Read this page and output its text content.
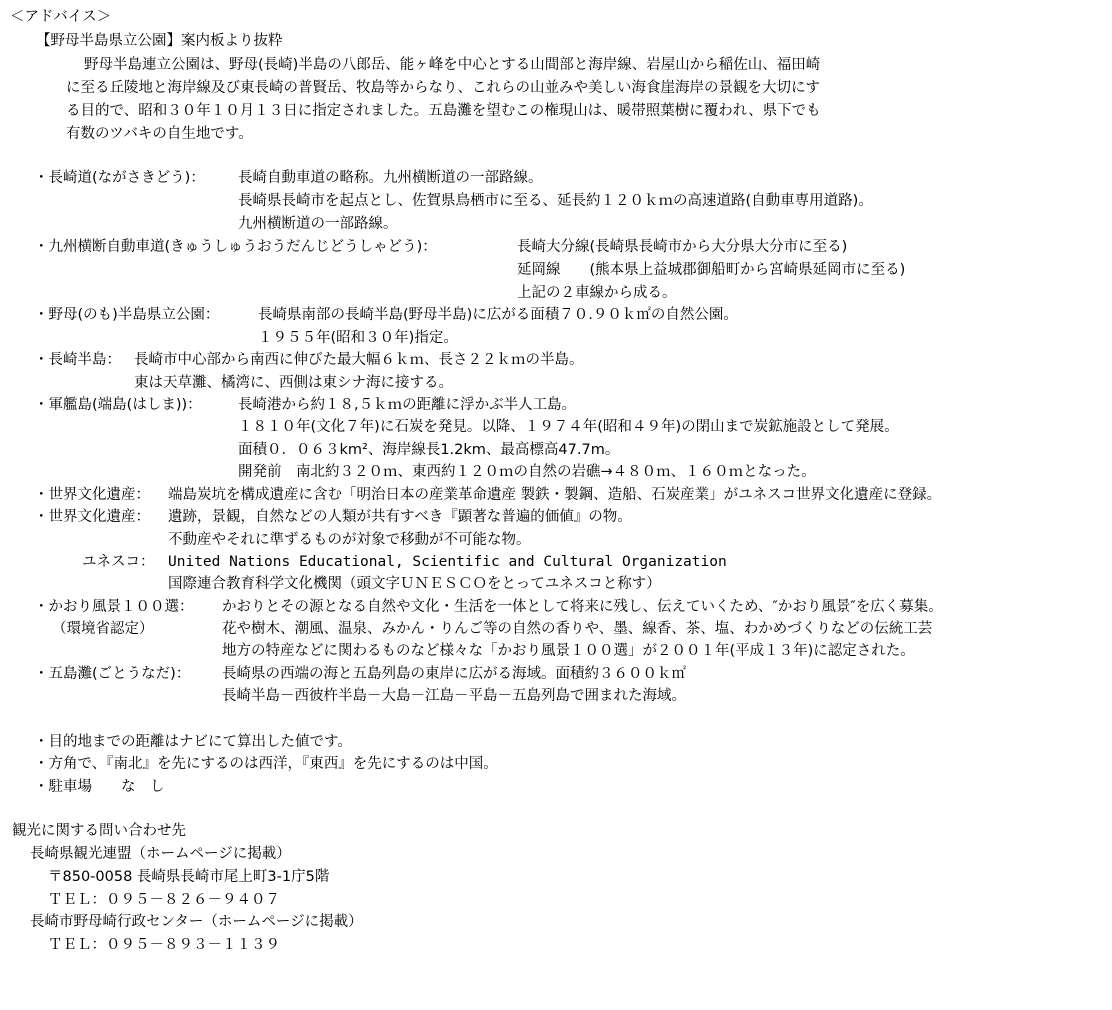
＜アドバイス＞
【野母半島県立公園】案内板より抜粋
野母半島連立公園は、野母(長崎)半島の八郎岳、能ヶ峰を中心とする山間部と海岸線、岩屋山から稲佐山、福田崎
に至る丘陵地と海岸線及び東長崎の普賢岳、牧島等からなり、これらの山並みや美しい海食崖海岸の景観を大切にす
る目的で、昭和３０年１０月１３日に指定されました。五島灘を望むこの権現山は、暖帯照葉樹に覆われ、県下でも
有数のツバキの自生地です。
・長崎道(ながさきどう)： 長崎自動車道の略称。九州横断道の一部路線。
長崎県長崎市を起点とし、佐賀県鳥栖市に至る、延長約１２０ｋｍの高速道路(自動車専用道路)。
九州横断道の一部路線。
・九州横断自動車道(きゅうしゅうおうだんじどうしゃどう)：	長崎大分線(長崎県長崎市から大分県大分市に至る)
延岡線　　(熊本県上益城郡御船町から宮崎県延岡市に至る)
上記の２車線から成る。
・野母(のも)半島県立公園：	長崎県南部の長崎半島(野母半島)に広がる面積７０.９０ｋ㎡の自然公園。
１９５５年(昭和３０年)指定。
・長崎半島： 長崎市中心部から南西に伸びた最大幅６ｋｍ、長さ２２ｋｍの半島。
東は天草灘、橘湾に、西側は東シナ海に接する。
・軍艦島(端島(はしま))：	長崎港から約１８,５ｋｍの距離に浮かぶ半人工島。
１８１０年(文化７年)に石炭を発見。以降、１９７４年(昭和４９年)の閉山まで炭鉱施設として発展。
面積０．０６３km²、海岸線長1.2km、最高標高47.7m。
開発前　南北約３２０ｍ、東西約１２０ｍの自然の岩礁→４８０ｍ、１６０ｍとなった。
・世界文化遺産： 端島炭坑を構成遺産に含む「明治日本の産業革命遺産 製鉄・製鋼、造船、石炭産業」がユネスコ世界文化遺産に登録。
・世界文化遺産： 遺跡，景観，自然などの人類が共有すべき『顕著な普遍的価値』の物。
不動産やそれに準ずるものが対象で移動が不可能な物。
ユネスコ： United Nations Educational, Scientific and Cultural Organization
国際連合教育科学文化機関（頭文字ＵＮＥＳＣＯをとってユネスコと称す）
・かおり風景１００選： かおりとその源となる自然や文化・生活を一体として将来に残し、伝えていくため、″かおり風景″を広く募集。
（環境省認定）	花や樹木、潮風、温泉、みかん・りんご等の自然の香りや、墨、線香、茶、塩、わかめづくりなどの伝統工芸
地方の特産などに関わるものなど様々な「かおり風景１００選」が２００１年(平成１３年)に認定された。
・五島灘(ごとうなだ)： 長崎県の西端の海と五島列島の東岸に広がる海域。面積約３６００ｋ㎡
長崎半島－西彼杵半島－大島－江島－平島－五島列島で囲まれた海域。
・目的地までの距離はナビにて算出した値です。
・方角で、『南北』を先にするのは西洋，『東西』を先にするのは中国。
・駐車場　　な　し
観光に関する問い合わせ先
長崎県観光連盟（ホームページに掲載）
〒850-0058 長崎県長崎市尾上町3-1庁5階
ＴＥＬ：０９５－８２６－９４０７
長崎市野母崎行政センター（ホームページに掲載）
ＴＥＬ：０９５－８９３－１１３９
